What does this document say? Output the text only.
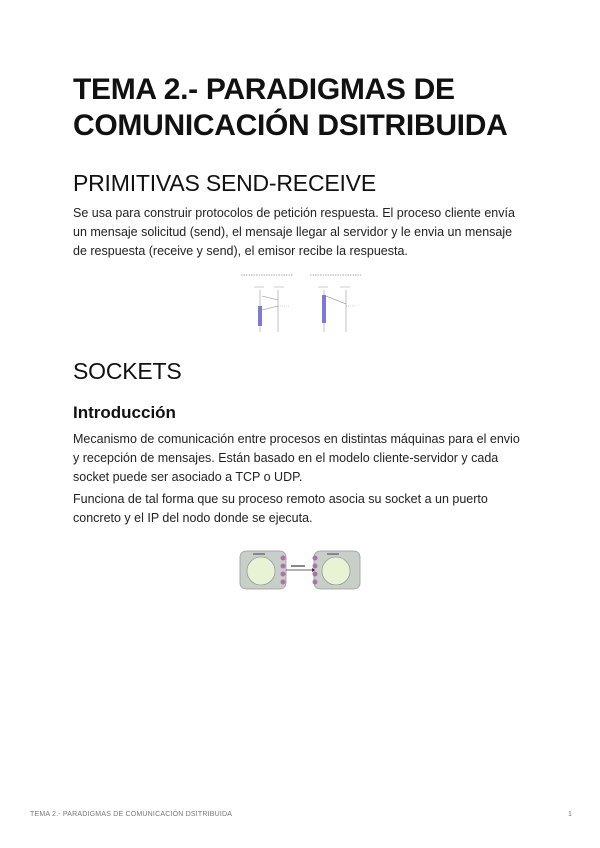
TEMA 2.- PARADIGMAS DE COMUNICACIÓN DSITRIBUIDA
PRIMITIVAS SEND-RECEIVE

Se usa para construir protocolos de petición respuesta. El proceso cliente envía un mensaje solicitud (send), el mensaje llegar al servidor y le envia un mensaje de respuesta (receive y send), el emisor recibe la respuesta.

SOCKETS
Introducción

Mecanismo de comunicación entre procesos en distintas máquinas para el envio y recepción de mensajes. Están basado en el modelo cliente-servidor y cada socket puede ser asociado a TCP o UDP.

Funciona de tal forma que su proceso remoto asocia su socket a un puerto concreto y el IP del nodo donde se ejecuta.

TEMA 2.- PARADIGMAS DE COMUNICACIÓN DSITRIBUIDA	1
